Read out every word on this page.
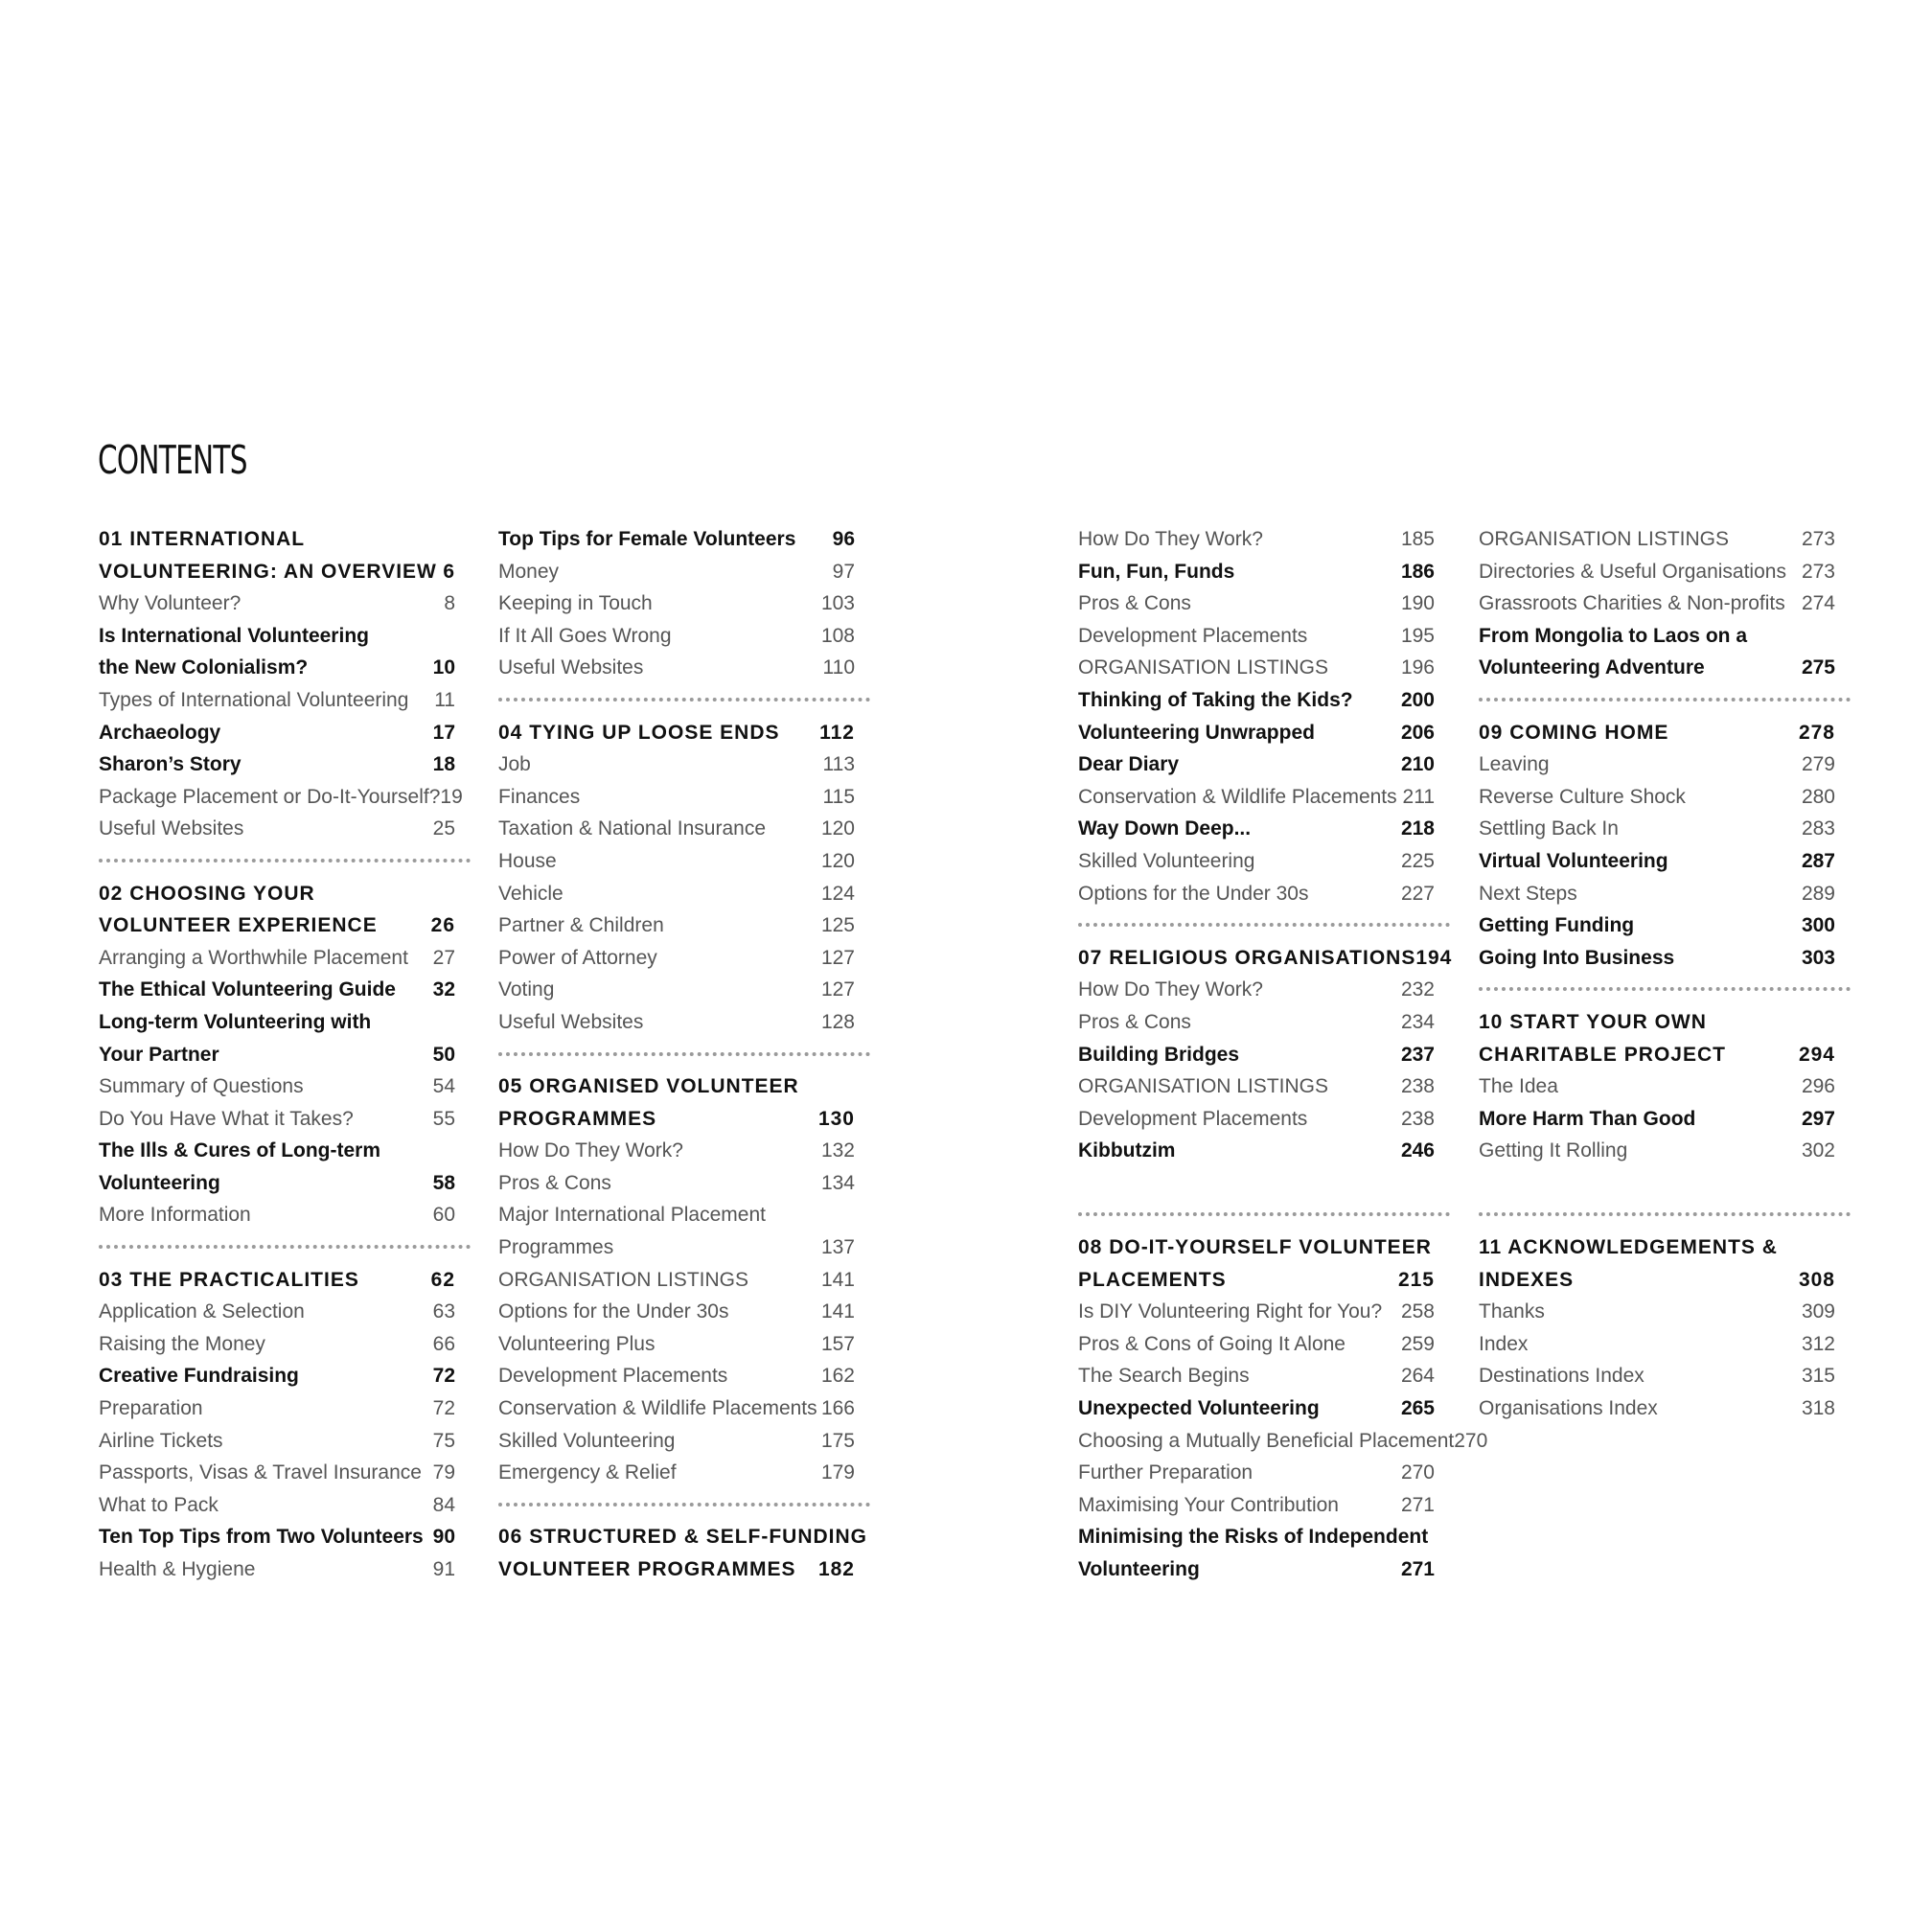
CONTENTS
01 INTERNATIONAL
VOLUNTEERING: AN OVERVIEW 6
Why Volunteer?	8
Is International Volunteering
the New Colonialism?	10
Types of International Volunteering 11
Archaeology	17
Sharon’s Story	18
Package Placement or Do-It-Yourself? 19
Useful Websites	25
02 CHOOSING YOUR
VOLUNTEER EXPERIENCE	26
Arranging a Worthwhile Placement 27
The Ethical Volunteering Guide 32
Long-term Volunteering with
Your Partner	50
Summary of Questions	54
Do You Have What it Takes?	55
The Ills & Cures of Long-term
Volunteering	58
More Information	60
03 THE PRACTICALITIES	62
Application & Selection	63
Raising the Money	66
Creative Fundraising	72
Preparation	72
Airline Tickets	75
Passports, Visas & Travel Insurance 79
What to Pack	84
Ten Top Tips from Two Volunteers 90
Health & Hygiene	91
Top Tips for Female Volunteers 96
Money	97
Keeping in Touch	103
If It All Goes Wrong	108
Useful Websites	110
04 TYING UP LOOSE ENDS 112
Job	113
Finances	115
Taxation & National Insurance	120
House	120
Vehicle	124
Partner & Children	125
Power of Attorney	127
Voting	127
Useful Websites	128
05 ORGANISED VOLUNTEER
PROGRAMMES	130
How Do They Work?	132
Pros & Cons	134
Major International Placement
Programmes	137
ORGANISATION LISTINGS	141
Options for the Under 30s	141
Volunteering Plus	157
Development Placements	162
Conservation & Wildlife Placements 166
Skilled Volunteering	175
Emergency & Relief	179
06 STRUCTURED & SELF-FUNDING
VOLUNTEER PROGRAMMES 182
How Do They Work?	185
Fun, Fun, Funds	186
Pros & Cons	190
Development Placements	195
ORGANISATION LISTINGS	196
Thinking of Taking the Kids? 200
Volunteering Unwrapped	206
Dear Diary	210
Conservation & Wildlife Placements 211
Way Down Deep...	218
Skilled Volunteering	225
Options for the Under 30s	227
07 RELIGIOUS ORGANISATIONS 194
How Do They Work?	232
Pros & Cons	234
Building Bridges	237
ORGANISATION LISTINGS	238
Development Placements	238
Kibbutzim	246
08 DO-IT-YOURSELF VOLUNTEER
PLACEMENTS	215
Is DIY Volunteering Right for You? 258
Pros & Cons of Going It Alone	259
The Search Begins	264
Unexpected Volunteering	265
Choosing a Mutually Beneficial Placement 270
Further Preparation	270
Maximising Your Contribution	271
Minimising the Risks of Independent
Volunteering	271
ORGANISATION LISTINGS	273
Directories & Useful Organisations 273
Grassroots Charities & Non-profits 274
From Mongolia to Laos on a
Volunteering Adventure	275
09 COMING HOME	278
Leaving	279
Reverse Culture Shock	280
Settling Back In	283
Virtual Volunteering	287
Next Steps	289
Getting Funding	300
Going Into Business	303
10 START YOUR OWN
CHARITABLE PROJECT	294
The Idea	296
More Harm Than Good	297
Getting It Rolling	302
11 ACKNOWLEDGEMENTS &
INDEXES	308
Thanks	309
Index	312
Destinations Index	315
Organisations Index	318
